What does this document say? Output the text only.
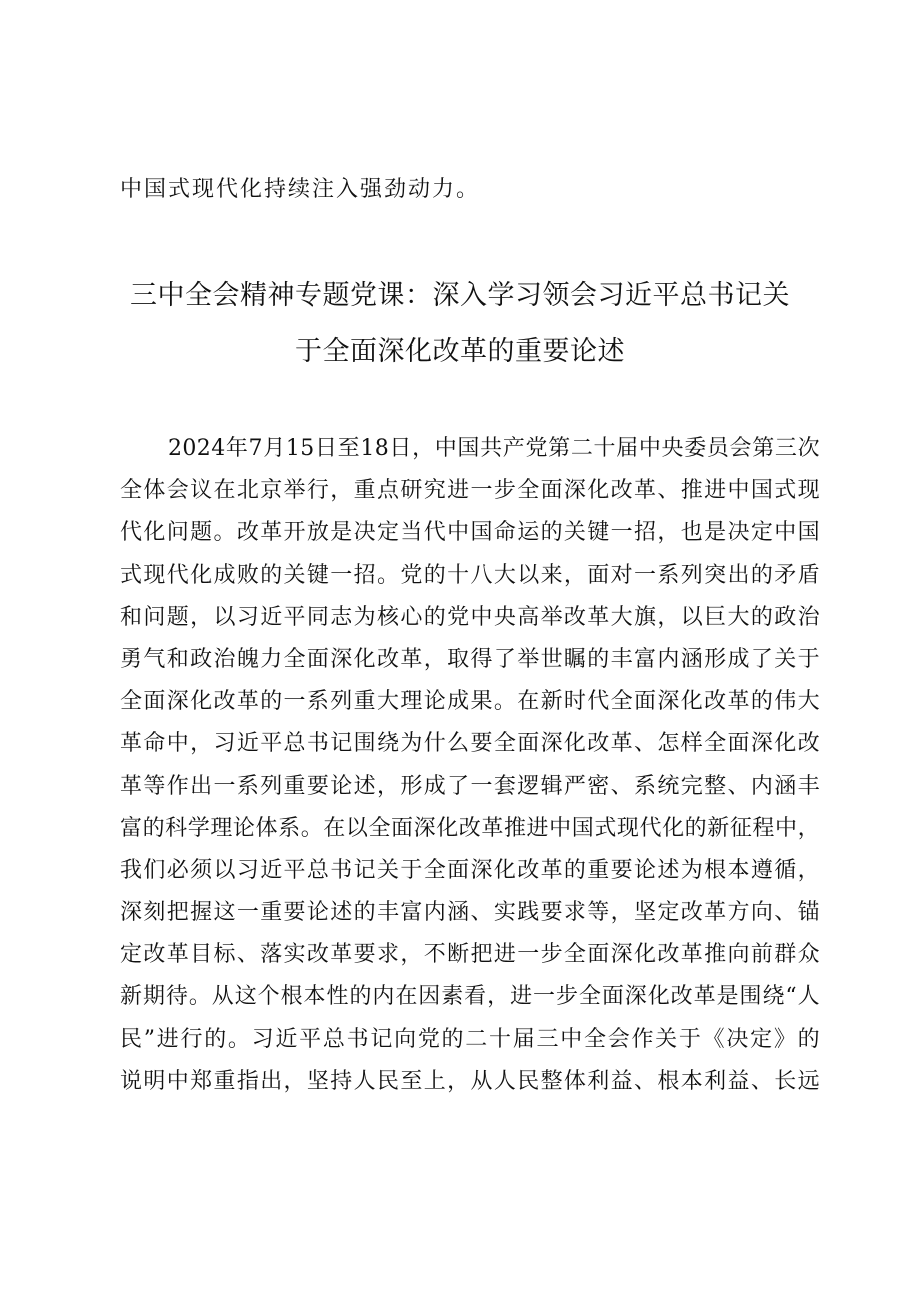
中国式现代化持续注入强劲动力。
三中全会精神专题党课：深入学习领会习近平总书记关
于全面深化改革的重要论述
2024年7月15日至18日，中国共产党第二十届中央委员会第三次
全体会议在北京举行，重点研究进一步全面深化改革、推进中国式现
代化问题。改革开放是决定当代中国命运的关键一招，也是决定中国
式现代化成败的关键一招。党的十八大以来，面对一系列突出的矛盾
和问题，以习近平同志为核心的党中央高举改革大旗，以巨大的政治
勇气和政治魄力全面深化改革，取得了举世瞩的丰富内涵形成了关于
全面深化改革的一系列重大理论成果。在新时代全面深化改革的伟大
革命中，习近平总书记围绕为什么要全面深化改革、怎样全面深化改
革等作出一系列重要论述，形成了一套逻辑严密、系统完整、内涵丰
富的科学理论体系。在以全面深化改革推进中国式现代化的新征程中，
我们必须以习近平总书记关于全面深化改革的重要论述为根本遵循，
深刻把握这一重要论述的丰富内涵、实践要求等，坚定改革方向、锚
定改革目标、落实改革要求，不断把进一步全面深化改革推向前群众
新期待。从这个根本性的内在因素看，进一步全面深化改革是围绕“人
民”进行的。习近平总书记向党的二十届三中全会作关于《决定》的
说明中郑重指出，坚持人民至上，从人民整体利益、根本利益、长远
